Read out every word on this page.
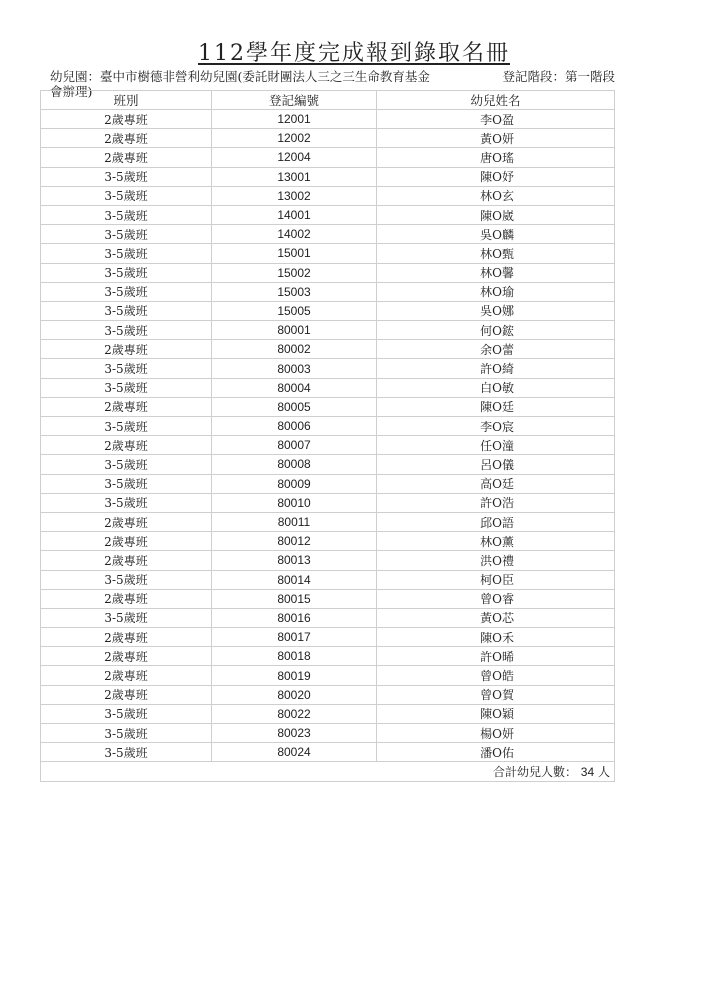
112學年度完成報到錄取名冊
幼兒園：臺中市樹德非營利幼兒園(委託財團法人三之三生命教育基金會辦理)
登記階段：第一階段
班別	登記編號	幼兒姓名
2歲專班	12001	李O盈
2歲專班	12002	黃O妍
2歲專班	12004	唐O瑤
3-5歲班	13001	陳O妤
3-5歲班	13002	林O玄
3-5歲班	14001	陳O崴
3-5歲班	14002	吳O麟
3-5歲班	15001	林O甄
3-5歲班	15002	林O馨
3-5歲班	15003	林O瑜
3-5歲班	15005	吳O娜
3-5歲班	80001	何O鋐
2歲專班	80002	余O蕾
3-5歲班	80003	許O綺
3-5歲班	80004	白O敏
2歲專班	80005	陳O廷
3-5歲班	80006	李O宸
2歲專班	80007	任O潼
3-5歲班	80008	呂O儀
3-5歲班	80009	高O廷
3-5歲班	80010	許O浩
2歲專班	80011	邱O語
2歲專班	80012	林O薰
2歲專班	80013	洪O禮
3-5歲班	80014	柯O臣
2歲專班	80015	曾O睿
3-5歲班	80016	黃O芯
2歲專班	80017	陳O禾
2歲專班	80018	許O晞
2歲專班	80019	曾O皓
2歲專班	80020	曾O賀
3-5歲班	80022	陳O穎
3-5歲班	80023	楊O妍
3-5歲班	80024	潘O佑
合計幼兒人數： 34 人		
